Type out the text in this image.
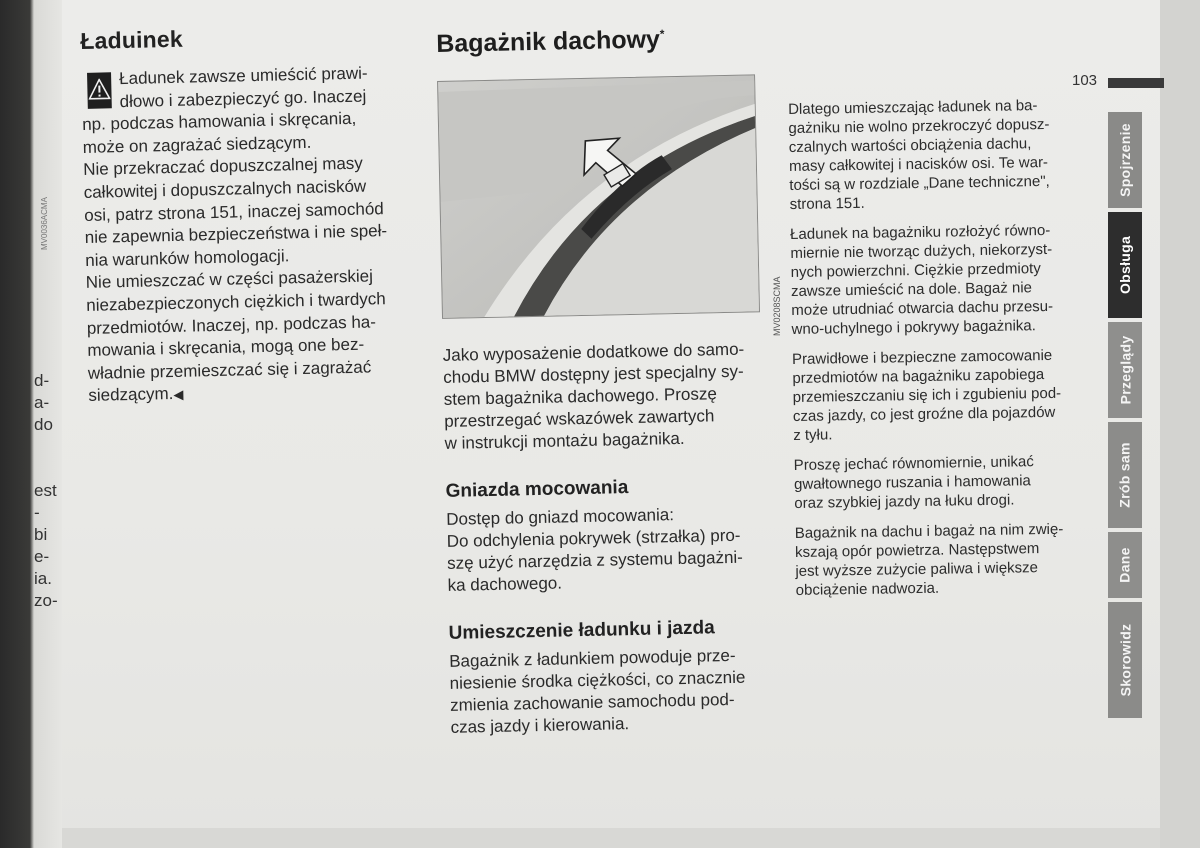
MV0036ACMA
d-
a-
do
est
-
bi
e-
ia.
zo-
Ładuinek
Ładunek zawsze umieścić prawi-
dłowo i zabezpieczyć go. Inaczej
np. podczas hamowania i skręcania,
może on zagrażać siedzącym.
Nie przekraczać dopuszczalnej masy
całkowitej i dopuszczalnych nacisków
osi, patrz strona 151, inaczej samochód
nie zapewnia bezpieczeństwa i nie speł-
nia warunków homologacji.
Nie umieszczać w części pasażerskiej
niezabezpieczonych ciężkich i twardych
przedmiotów. Inaczej, np. podczas ha-
mowania i skręcania, mogą one bez-
władnie przemieszczać się i zagrażać
siedzącym.◀
Bagażnik dachowy*
Jako wyposażenie dodatkowe do samo-
chodu BMW dostępny jest specjalny sy-
stem bagażnika dachowego. Proszę
przestrzegać wskazówek zawartych
w instrukcji montażu bagażnika.
Gniazda mocowania
Dostęp do gniazd mocowania:
Do odchylenia pokrywek (strzałka) pro-
szę użyć narzędzia z systemu bagażni-
ka dachowego.
Umieszczenie ładunku i jazda
Bagażnik z ładunkiem powoduje prze-
niesienie środka ciężkości, co znacznie
zmienia zachowanie samochodu pod-
czas jazdy i kierowania.
MV0208SCMA
Dlatego umieszczając ładunek na ba-
gażniku nie wolno przekroczyć dopusz-
czalnych wartości obciążenia dachu,
masy całkowitej i nacisków osi. Te war-
tości są w rozdziale „Dane techniczne",
strona 151.
Ładunek na bagażniku rozłożyć równo-
miernie nie tworząc dużych, niekorzyst-
nych powierzchni. Ciężkie przedmioty
zawsze umieścić na dole. Bagaż nie
może utrudniać otwarcia dachu przesu-
wno-uchylnego i pokrywy bagażnika.
Prawidłowe i bezpieczne zamocowanie
przedmiotów na bagażniku zapobiega
przemieszczaniu się ich i zgubieniu pod-
czas jazdy, co jest groźne dla pojazdów
z tyłu.
Proszę jechać równomiernie, unikać
gwałtownego ruszania i hamowania
oraz szybkiej jazdy na łuku drogi.
Bagażnik na dachu i bagaż na nim zwię-
kszają opór powietrza. Następstwem
jest wyższe zużycie paliwa i większe
obciążenie nadwozia.
103
Spojrzenie
Obsługa
Przeglądy
Zrób sam
Dane
Skorowidz
